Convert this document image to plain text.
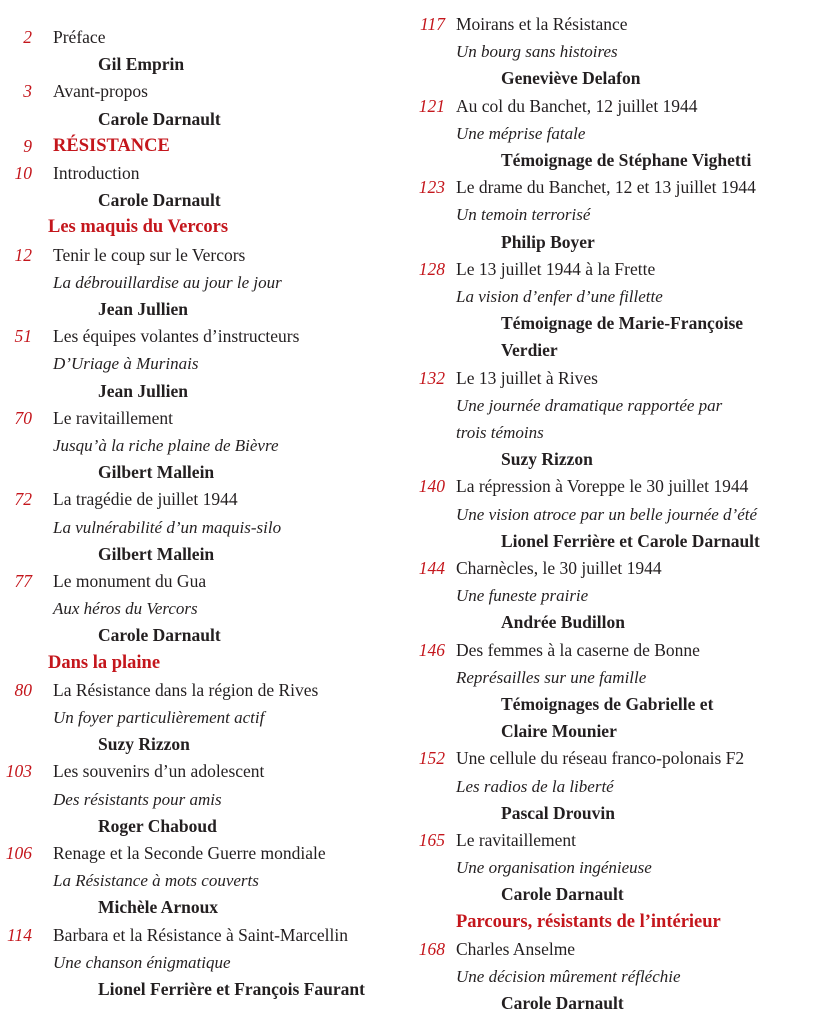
Préface
2
Gil Emprin
Avant-propos
3
Carole Darnault
RÉSISTANCE
9
Introduction
10
Carole Darnault
Les maquis du Vercors
Tenir le coup sur le Vercors
12
La débrouillardise au jour le jour
Jean Jullien
Les équipes volantes d’instructeurs
51
D’Uriage à Murinais
Jean Jullien
Le ravitaillement
70
Jusqu’à la riche plaine de Bièvre
Gilbert Mallein
La tragédie de juillet 1944
72
La vulnérabilité d’un maquis-silo
Gilbert Mallein
Le monument du Gua
77
Aux héros du Vercors
Carole Darnault
Dans la plaine
La Résistance dans la région de Rives
80
Un foyer particulièrement actif
Suzy Rizzon
Les souvenirs d’un adolescent
103
Des résistants pour amis
Roger Chaboud
Renage et la Seconde Guerre mondiale
106
La Résistance à mots couverts
Michèle Arnoux
Barbara et la Résistance à Saint-Marcellin
114
Une chanson énigmatique
Lionel Ferrière et François Faurant
Moirans et la Résistance
117
Un bourg sans histoires
Geneviève Delafon
Au col du Banchet, 12 juillet 1944
121
Une méprise fatale
Témoignage de Stéphane Vighetti
Le drame du Banchet, 12 et 13 juillet 1944
123
Un temoin terrorisé
Philip Boyer
Le 13 juillet 1944 à la Frette
128
La vision d’enfer d’une fillette
Témoignage de Marie-Françoise
Verdier
Le 13 juillet à Rives
132
Une journée dramatique rapportée par
trois témoins
Suzy Rizzon
La répression à Voreppe le 30 juillet 1944
140
Une vision atroce par un belle journée d’été
Lionel Ferrière et Carole Darnault
Charnècles, le 30 juillet 1944
144
Une funeste prairie
Andrée Budillon
Des femmes à la caserne de Bonne
146
Représailles sur une famille
Témoignages de Gabrielle et
Claire Mounier
Une cellule du réseau franco-polonais F2
152
Les radios de la liberté
Pascal Drouvin
Le ravitaillement
165
Une organisation ingénieuse
Carole Darnault
Parcours, résistants de l’intérieur
Charles Anselme
168
Une décision mûrement réfléchie
Carole Darnault
